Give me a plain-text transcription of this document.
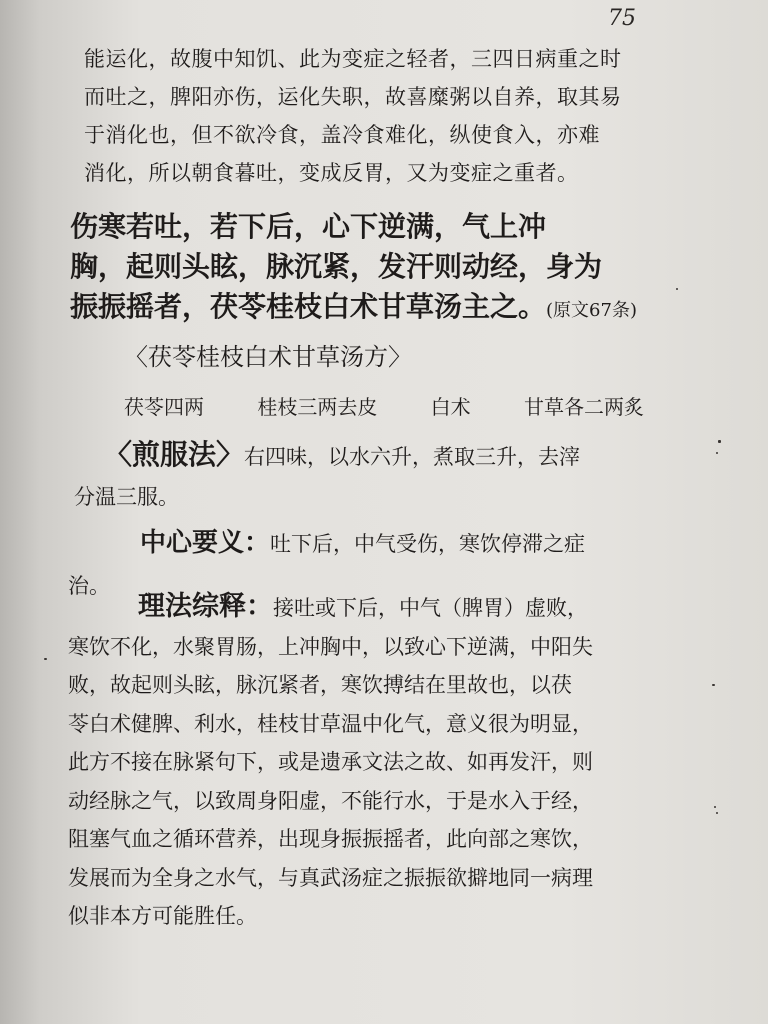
75
能运化，故腹中知饥、此为变症之轻者，三四日病重之时
而吐之，脾阳亦伤，运化失职，故喜糜粥以自养，取其易
于消化也，但不欲冷食，盖冷食难化，纵使食入，亦难
消化，所以朝食暮吐，变成反胃，又为变症之重者。
伤寒若吐，若下后，心下逆满，气上冲
胸，起则头眩，脉沉紧，发汗则动经，身为
振振摇者，茯苓桂枝白术甘草汤主之。(原文67条)
〈茯苓桂枝白术甘草汤方〉
茯苓四两	桂枝三两去皮	白术	甘草各二两炙
〈煎服法〉右四味，以水六升，煮取三升，去滓
分温三服。
中心要义：吐下后，中气受伤，寒饮停滞之症
治。
理法综释：接吐或下后，中气（脾胃）虚败，
寒饮不化，水聚胃肠，上冲胸中，以致心下逆满，中阳失
败，故起则头眩，脉沉紧者，寒饮搏结在里故也，以茯
苓白术健脾、利水，桂枝甘草温中化气，意义很为明显，
此方不接在脉紧句下，或是遗承文法之故、如再发汗，则
动经脉之气，以致周身阳虚，不能行水，于是水入于经，
阻塞气血之循环营养，出现身振振摇者，此向部之寒饮，
发展而为全身之水气，与真武汤症之振振欲擗地同一病理
似非本方可能胜任。
